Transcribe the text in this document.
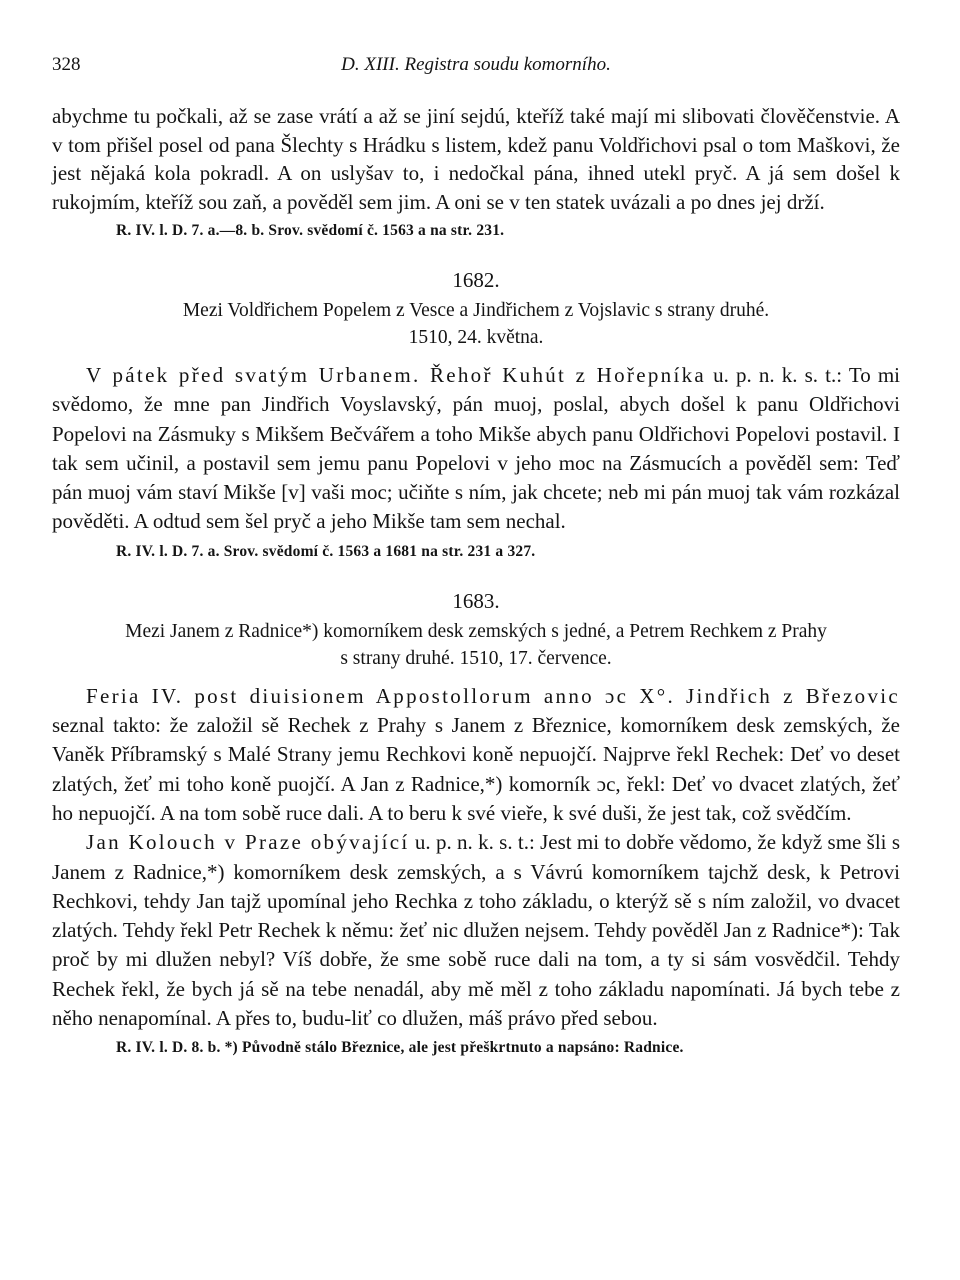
328	D. XIII. Registra soudu komorního.

abychme tu počkali, až se zase vrátí a až se jiní sejdú, kteříž také mají mi slibovati člověčenstvie. A v tom přišel posel od pana Šlechty s Hrádku s listem, kdež panu Voldřichovi psal o tom Maškovi, že jest nějaká kola pokradl. A on uslyšav to, i nedočkal pána, ihned utekl pryč. A já sem došel k rukojmím, kteříž sou zaň, a pověděl sem jim. A oni se v ten statek uvázali a po dnes jej drží.

R. IV. l. D. 7. a.—8. b. Srov. svědomí č. 1563 a na str. 231.
1682.

Mezi Voldřichem Popelem z Vesce a Jindřichem z Vojslavic s strany druhé.

1510, 24. května.

V pátek před svatým Urbanem. Řehoř Kuhút z Hořepníka u. p. n. k. s. t.: To mi svědomo, že mne pan Jindřich Voyslavský, pán muoj, poslal, abych došel k panu Oldřichovi Popelovi na Zásmuky s Mikšem Bečvářem a toho Mikše abych panu Oldřichovi Popelovi postavil. I tak sem učinil, a postavil sem jemu panu Popelovi v jeho moc na Zásmucích a pověděl sem: Teď pán muoj vám staví Mikše [v] vaši moc; učiňte s ním, jak chcete; neb mi pán muoj tak vám rozkázal pověděti. A odtud sem šel pryč a jeho Mikše tam sem nechal.

R. IV. l. D. 7. a. Srov. svědomí č. 1563 a 1681 na str. 231 a 327.
1683.

Mezi Janem z Radnice*) komorníkem desk zemských s jedné, a Petrem Rechkem z Prahy

s strany druhé. 1510, 17. července.

Feria IV. post diuisionem Appostollorum anno ɔc X°. Jindřich z Březovic seznal takto: že založil sě Rechek z Prahy s Janem z Březnice, komorníkem desk zemských, že Vaněk Příbramský s Malé Strany jemu Rechkovi koně nepuojčí. Najprve řekl Rechek: Deť vo deset zlatých, žeť mi toho koně puojčí. A Jan z Radnice,*) komorník ɔc, řekl: Deť vo dvacet zlatých, žeť ho nepuojčí. A na tom sobě ruce dali. A to beru k své vieře, k své duši, že jest tak, což svědčím.

Jan Kolouch v Praze obývající u. p. n. k. s. t.: Jest mi to dobře vědomo, že když sme šli s Janem z Radnice,*) komorníkem desk zemských, a s Vávrú komorníkem tajchž desk, k Petrovi Rechkovi, tehdy Jan tajž upomínal jeho Rechka z toho základu, o kterýž sě s ním založil, vo dvacet zlatých. Tehdy řekl Petr Rechek k němu: žeť nic dlužen nejsem. Tehdy pověděl Jan z Radnice*): Tak proč by mi dlužen nebyl? Víš dobře, že sme sobě ruce dali na tom, a ty si sám vosvědčil. Tehdy Rechek řekl, že bych já sě na tebe nenadál, aby mě měl z toho základu napomínati. Já bych tebe z něho nenapomínal. A přes to, budu-liť co dlužen, máš právo před sebou.

R. IV. l. D. 8. b. *) Původně stálo Březnice, ale jest přeškrtnuto a napsáno: Radnice.
